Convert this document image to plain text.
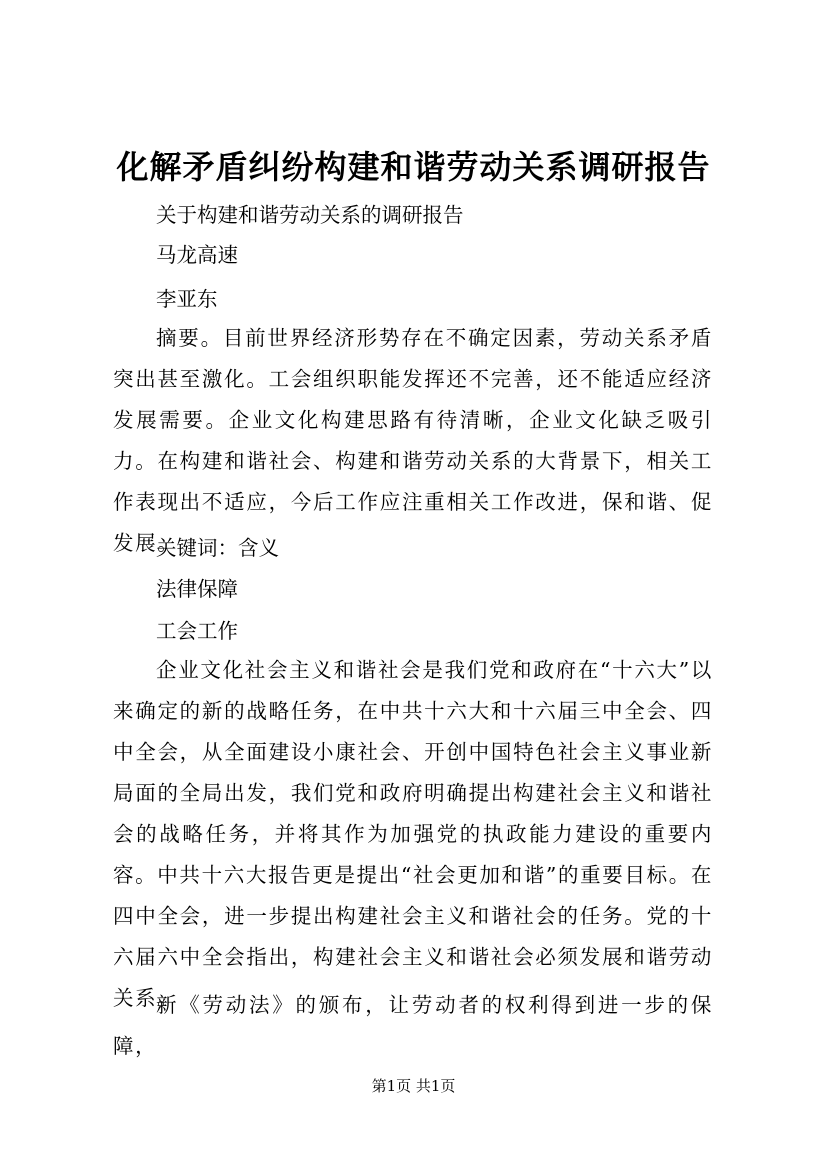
化解矛盾纠纷构建和谐劳动关系调研报告
关于构建和谐劳动关系的调研报告
马龙高速
李亚东
摘要。目前世界经济形势存在不确定因素，劳动关系矛盾突出甚至激化。工会组织职能发挥还不完善，还不能适应经济发展需要。企业文化构建思路有待清晰，企业文化缺乏吸引力。在构建和谐社会、构建和谐劳动关系的大背景下，相关工作表现出不适应，今后工作应注重相关工作改进，保和谐、促发展。
关键词：含义
法律保障
工会工作
企业文化社会主义和谐社会是我们党和政府在“十六大”以来确定的新的战略任务，在中共十六大和十六届三中全会、四中全会，从全面建设小康社会、开创中国特色社会主义事业新局面的全局出发，我们党和政府明确提出构建社会主义和谐社会的战略任务，并将其作为加强党的执政能力建设的重要内容。中共十六大报告更是提出“社会更加和谐”的重要目标。在四中全会，进一步提出构建社会主义和谐社会的任务。党的十六届六中全会指出，构建社会主义和谐社会必须发展和谐劳动关系。
新《劳动法》的颁布，让劳动者的权利得到进一步的保障，
第1页 共1页
